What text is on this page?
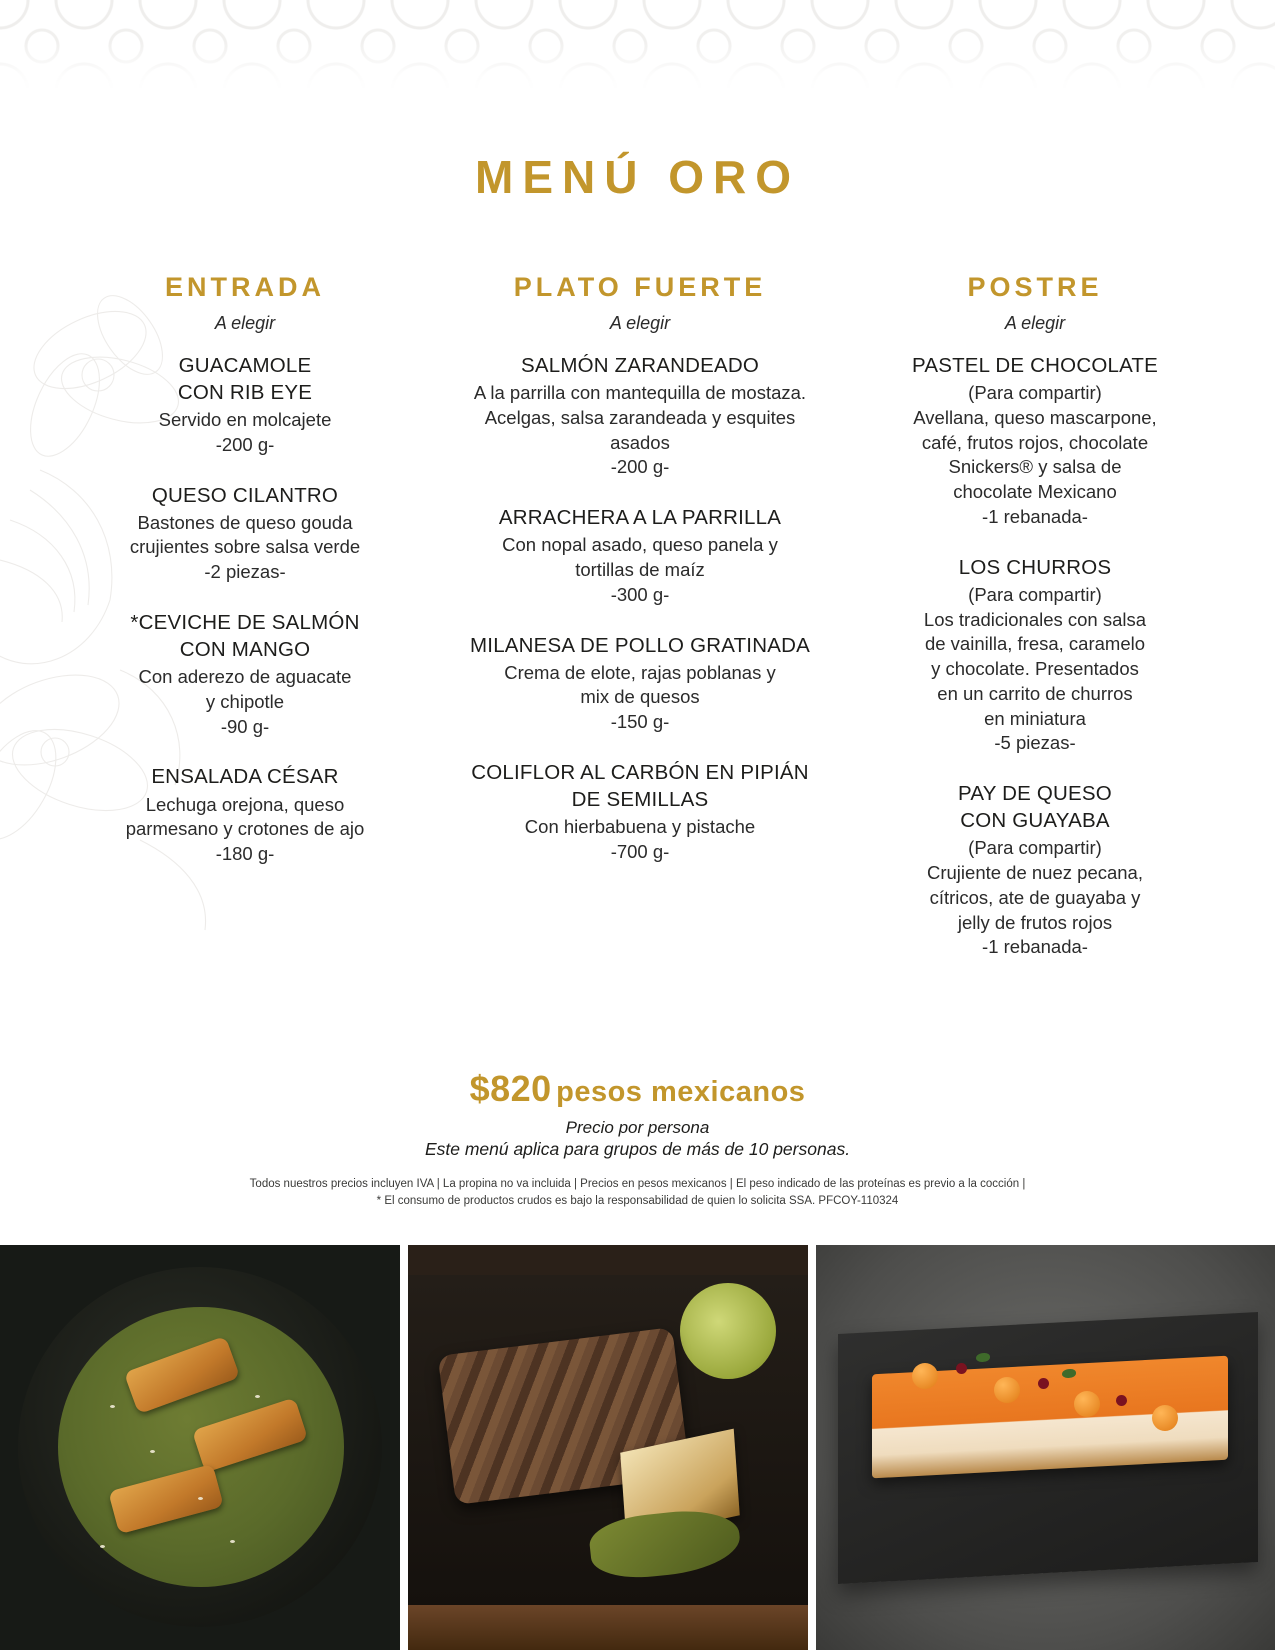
MENÚ ORO
ENTRADA
A elegir
GUACAMOLE
CON RIB EYE
Servido en molcajete
-200 g-
QUESO CILANTRO
Bastones de queso gouda
crujientes sobre salsa verde
-2 piezas-
*CEVICHE DE SALMÓN
CON MANGO
Con aderezo de aguacate
y chipotle
-90 g-
ENSALADA CÉSAR
Lechuga orejona, queso
parmesano y crotones de ajo
-180 g-
PLATO FUERTE
A elegir
SALMÓN ZARANDEADO
A la parrilla con mantequilla de mostaza.
Acelgas, salsa zarandeada y esquites asados
-200 g-
ARRACHERA A LA PARRILLA
Con nopal asado, queso panela y
tortillas de maíz
-300 g-
MILANESA DE POLLO GRATINADA
Crema de elote, rajas poblanas y
mix de quesos
-150 g-
COLIFLOR AL CARBÓN EN PIPIÁN
DE SEMILLAS
Con hierbabuena y pistache
-700 g-
POSTRE
A elegir
PASTEL DE CHOCOLATE
(Para compartir)
Avellana, queso mascarpone,
café, frutos rojos, chocolate
Snickers® y salsa de
chocolate Mexicano
-1 rebanada-
LOS CHURROS
(Para compartir)
Los tradicionales con salsa
de vainilla, fresa, caramelo
y chocolate. Presentados
en un carrito de churros
en miniatura
-5 piezas-
PAY DE QUESO
CON GUAYABA
(Para compartir)
Crujiente de nuez pecana,
cítricos, ate de guayaba y
jelly de frutos rojos
-1 rebanada-
$820 pesos mexicanos
Precio por persona
Este menú aplica para grupos de más de 10 personas.
Todos nuestros precios incluyen IVA | La propina no va incluida | Precios en pesos mexicanos | El peso indicado de las proteínas es previo a la cocción |
* El consumo de productos crudos es bajo la responsabilidad de quien lo solicita SSA. PFCOY-110324
